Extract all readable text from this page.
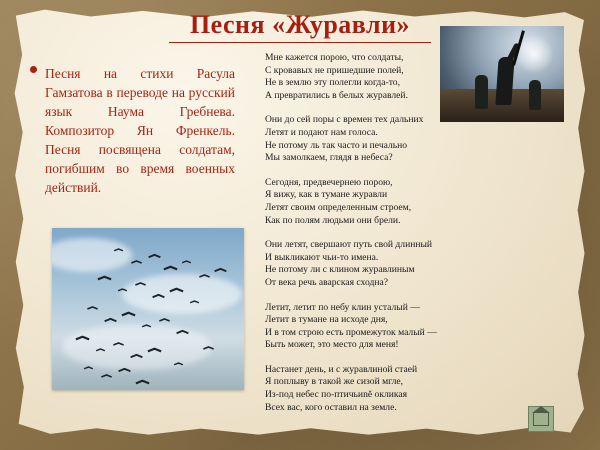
Песня «Журавли»
Песня на стихи Расула Гамзатова в переводе на русский язык Наума Гребнева. Композитор Ян Френкель. Песня посвящена солдатам, погибшим во время военных действий.
Мне кажется порою, что солдаты,
С кровавых не пришедшие полей,
Не в землю эту полегли когда-то,
А превратились в белых журавлей.
Они до сей поры с времен тех дальних
Летят и подают нам голоса.
Не потому ль так часто и печально
Мы замолкаем, глядя в небеса?
Сегодня, предвечернею порою,
Я вижу, как в тумане журавли
Летят своим определенным строем,
Как по полям людьми они брели.
Они летят, свершают путь свой длинный
И выкликают чьи-то имена.
Не потому ли с клином журавлиным
От века речь аварская сходна?
Летит, летит по небу клин усталый —
Летит в тумане на исходе дня,
И в том строю есть промежуток малый —
Быть может, это место для меня!
Настанет день, и с журавлиной стаей
Я поплыву в такой же сизой мгле,
Из-под небес по-птичьиně окликая
Всех вас, кого оставил на земле.
